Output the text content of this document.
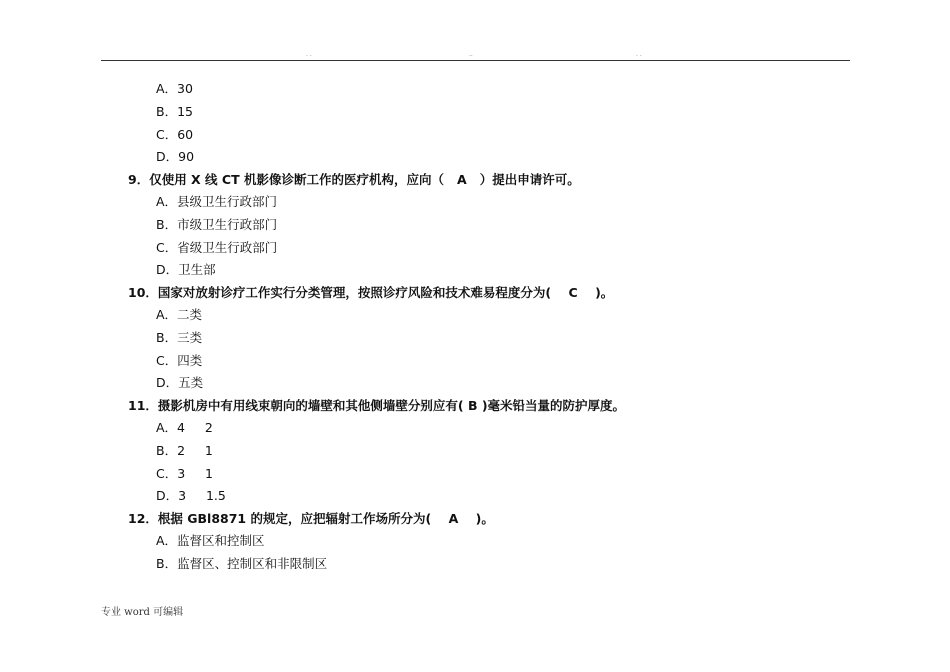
. .	..	. .
A．30
B．15
C．60
D．90
9．仅使用 X 线 CT 机影像诊断工作的医疗机构，应向（   A   ）提出申请许可。
A．县级卫生行政部门
B．市级卫生行政部门
C．省级卫生行政部门
D．卫生部
10．国家对放射诊疗工作实行分类管理，按照诊疗风险和技术难易程度分为(    C    )。
A．二类
B．三类
C．四类
D．五类
11．摄影机房中有用线束朝向的墙壁和其他侧墙壁分别应有( B )毫米铅当量的防护厚度。
A．4     2
B．2     1
C．3     1
D．3     1.5
12．根据 GBl8871 的规定，应把辐射工作场所分为(    A    )。
A．监督区和控制区
B．监督区、控制区和非限制区
专业 word 可编辑
